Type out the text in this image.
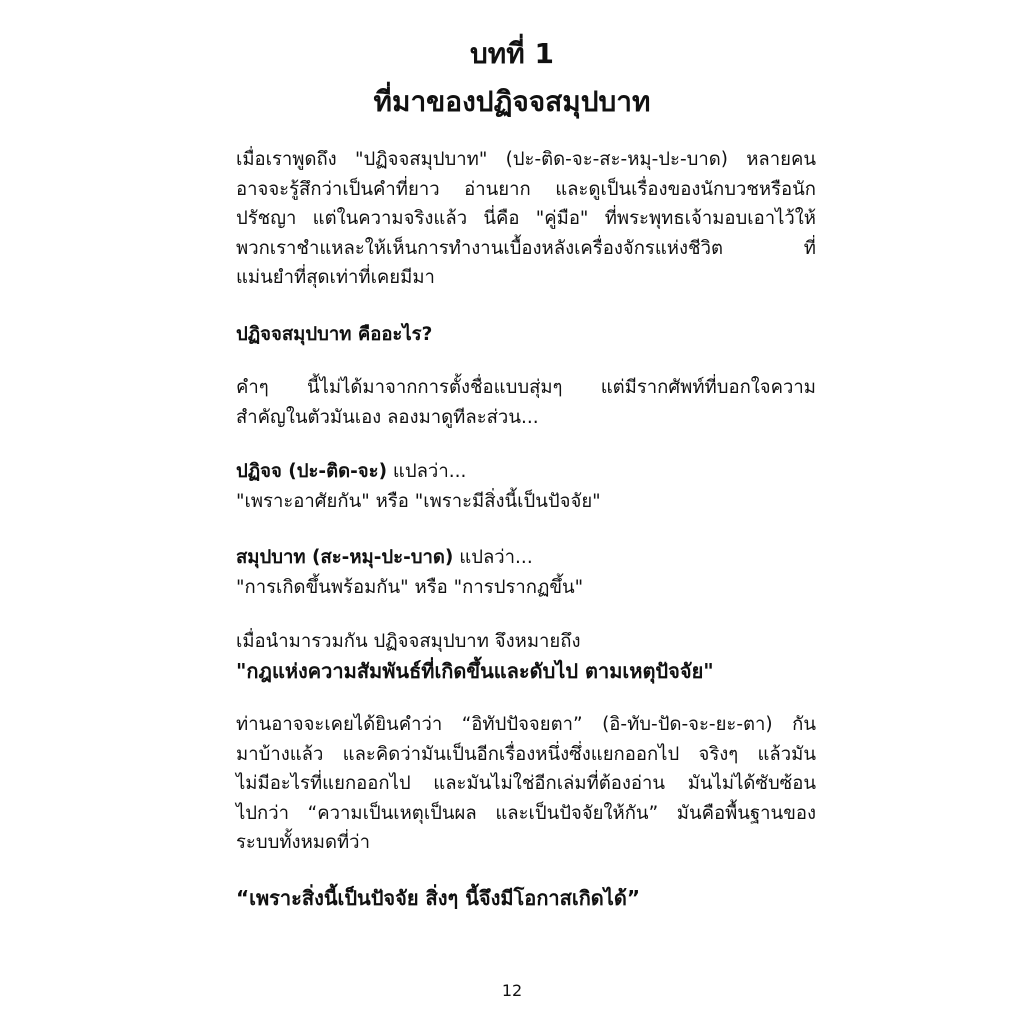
บทที่ 1
ที่มาของปฏิจจสมุปบาท
เมื่อเราพูดถึง "ปฏิจจสมุปบาท" (ปะ-ติด-จะ-สะ-หมุ-ปะ-บาด) หลายคน
อาจจะรู้สึกว่าเป็นคำที่ยาว อ่านยาก และดูเป็นเรื่องของนักบวชหรือนัก
ปรัชญา แต่ในความจริงแล้ว นี่คือ "คู่มือ" ที่พระพุทธเจ้ามอบเอาไว้ให้
พวกเราชำแหละให้เห็นการทำงานเบื้องหลังเครื่องจักรแห่งชีวิต ที่
แม่นยำที่สุดเท่าที่เคยมีมา
ปฏิจจสมุปบาท คืออะไร?
คำๆ นี้ไม่ได้มาจากการตั้งชื่อแบบสุ่มๆ แต่มีรากศัพท์ที่บอกใจความ
สำคัญในตัวมันเอง ลองมาดูทีละส่วน...
ปฏิจจ (ปะ-ติด-จะ) แปลว่า...
"เพราะอาศัยกัน" หรือ "เพราะมีสิ่งนี้เป็นปัจจัย"
สมุปบาท (สะ-หมุ-ปะ-บาด) แปลว่า...
"การเกิดขึ้นพร้อมกัน" หรือ "การปรากฏขึ้น"
เมื่อนำมารวมกัน ปฏิจจสมุปบาท จึงหมายถึง
"กฎแห่งความสัมพันธ์ที่เกิดขึ้นและดับไป ตามเหตุปัจจัย"
ท่านอาจจะเคยได้ยินคำว่า “อิทัปปัจจยตา” (อิ-ทับ-ปัด-จะ-ยะ-ตา) กัน
มาบ้างแล้ว และคิดว่ามันเป็นอีกเรื่องหนึ่งซึ่งแยกออกไป จริงๆ แล้วมัน
ไม่มีอะไรที่แยกออกไป และมันไม่ใช่อีกเล่มที่ต้องอ่าน มันไม่ได้ซับซ้อน
ไปกว่า “ความเป็นเหตุเป็นผล และเป็นปัจจัยให้กัน” มันคือพื้นฐานของ
ระบบทั้งหมดที่ว่า
“เพราะสิ่งนี้เป็นปัจจัย สิ่งๆ นี้จึงมีโอกาสเกิดได้”
12
